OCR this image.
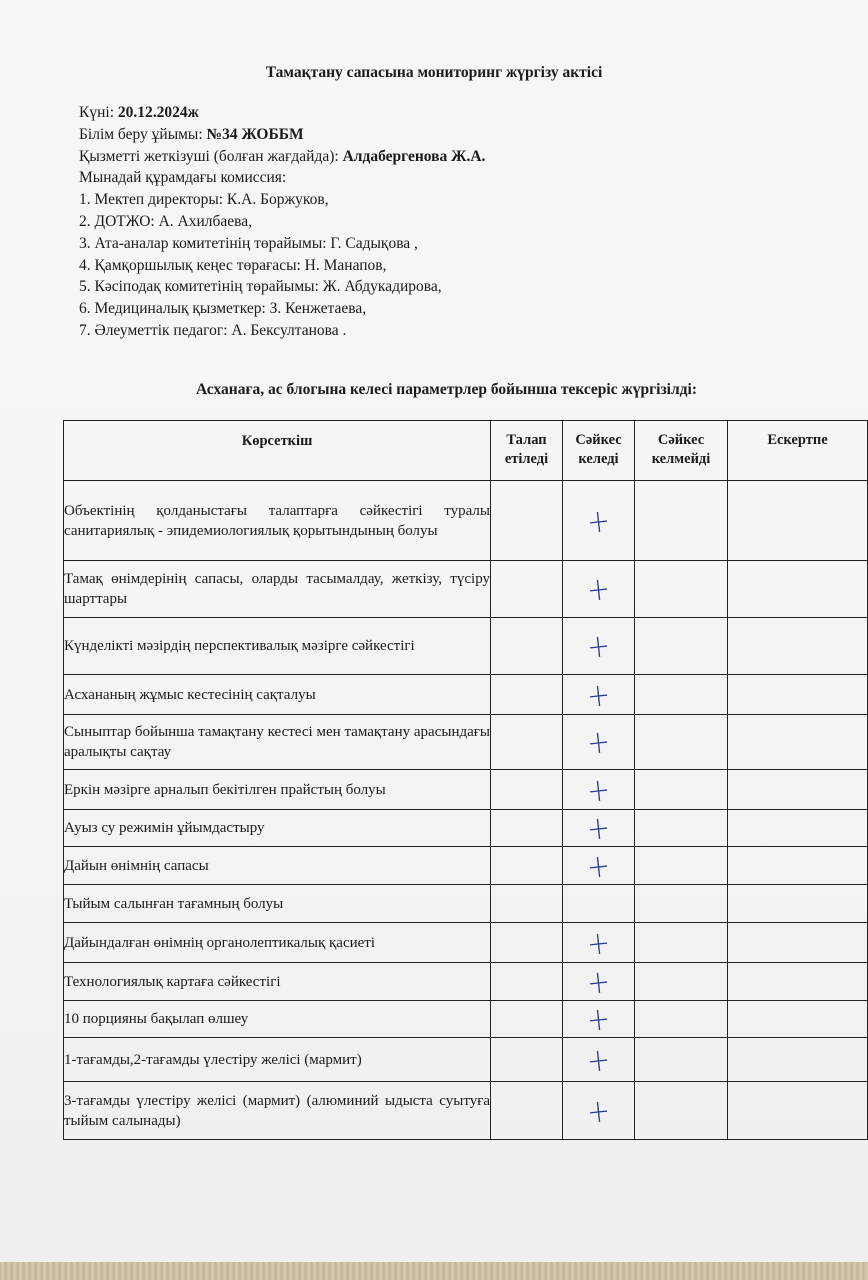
Тамақтану сапасына мониторинг жүргізу актісі
Күні: 20.12.2024ж
Білім беру ұйымы: №34 ЖОББМ
Қызметті жеткізуші (болған жағдайда): Алдабергенова Ж.А.
Мынадай құрамдағы комиссия:
1. Мектеп директоры: К.А. Боржуков,
2. ДОТЖО: А. Ахилбаева,
3. Ата-аналар комитетінің төрайымы: Г. Садықова ,
4. Қамқоршылық кеңес төрағасы: Н. Манапов,
5. Кәсіподақ комитетінің төрайымы: Ж. Абдукадирова,
6. Медициналық қызметкер: З. Кенжетаева,
7. Әлеуметтік педагог: А. Бексултанова .
Асханаға, ас блогына келесі параметрлер бойынша тексеріс жүргізілді:
Көрсеткіш	Талап етіледі	Сәйкес келеді	Сәйкес келмейді	Ескертпе
Объектінің қолданыстағы талаптарға сәйкестігі туралы санитариялық - эпидемиологиялық қорытындының болуы		+		
Тамақ өнімдерінің сапасы, оларды тасымалдау, жеткізу, түсіру шарттары		+		
Күнделікті мәзірдің перспективалық мәзірге сәйкестігі		+		
Асхананың жұмыс кестесінің сақталуы		+		
Сыныптар бойынша тамақтану кестесі мен тамақтану арасындағы аралықты сақтау		+		
Еркін мәзірге арналып бекітілген прайстың болуы		+		
Ауыз су режимін ұйымдастыру		+		
Дайын өнімнің сапасы		+		
Тыйым салынған тағамның болуы				
Дайындалған өнімнің органолептикалық қасиеті		+		
Технологиялық картаға сәйкестігі		+		
10 порцияны бақылап өлшеу		+		
1-тағамды,2-тағамды үлестіру желісі (мармит)		+		
3-тағамды үлестіру желісі (мармит) (алюминий ыдыста суытуға тыйым салынады)		+		
